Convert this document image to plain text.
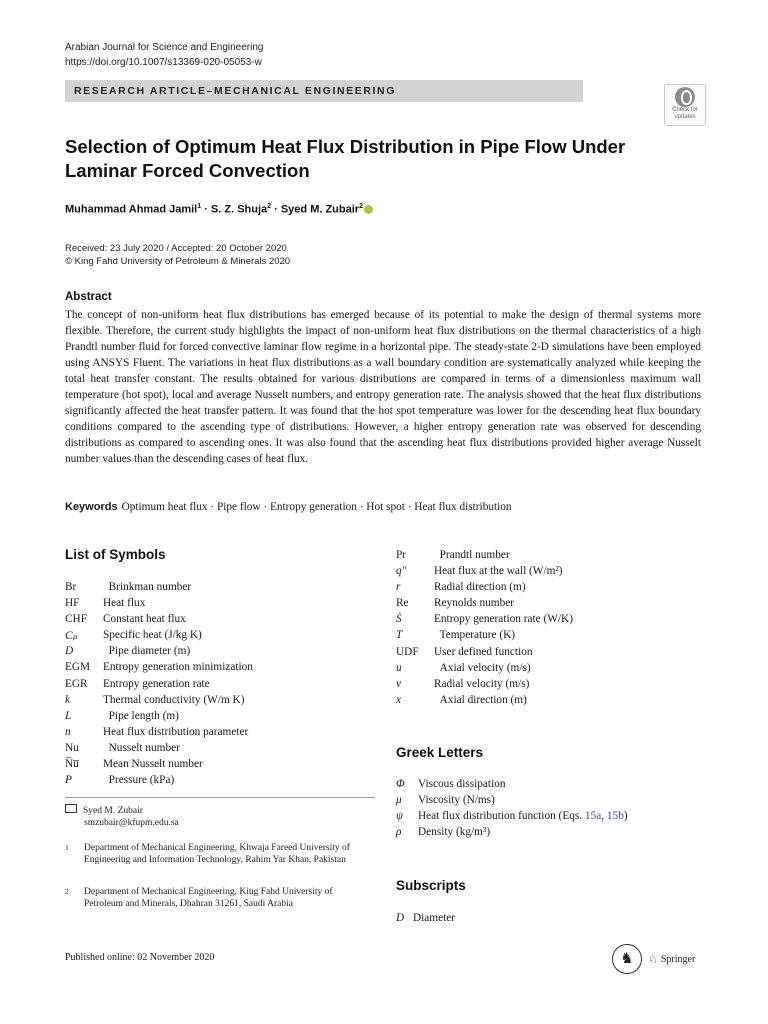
Arabian Journal for Science and Engineering
https://doi.org/10.1007/s13369-020-05053-w
RESEARCH ARTICLE–MECHANICAL ENGINEERING
Check for
updates
Selection of Optimum Heat Flux Distribution in Pipe Flow Under Laminar Forced Convection
Muhammad Ahmad Jamil$^1$ · S. Z. Shuja$^2$ · Syed M. Zubair$^2$
Received: 23 July 2020 / Accepted: 20 October 2020
© King Fahd University of Petroleum & Minerals 2020
Abstract
The concept of non-uniform heat flux distributions has emerged because of its potential to make the design of thermal systems more flexible. Therefore, the current study highlights the impact of non-uniform heat flux distributions on the thermal characteristics of a high Prandtl number fluid for forced convective laminar flow regime in a horizontal pipe. The steady-state 2-D simulations have been employed using ANSYS Fluent. The variations in heat flux distributions as a wall boundary condition are systematically analyzed while keeping the total heat transfer constant. The results obtained for various distributions are compared in terms of a dimensionless maximum wall temperature (hot spot), local and average Nusselt numbers, and entropy generation rate. The analysis showed that the heat flux distributions significantly affected the heat transfer pattern. It was found that the hot spot temperature was lower for the descending heat flux boundary conditions compared to the ascending type of distributions. However, a higher entropy generation rate was observed for descending distributions as compared to ascending ones. It was also found that the ascending heat flux distributions provided higher average Nusselt number values than the descending cases of heat flux.
Keywords Optimum heat flux · Pipe flow · Entropy generation · Hot spot · Heat flux distribution
List of Symbols
Br	 Brinkman number
HF	Heat flux
CHF	Constant heat flux
Cₚ	Specific heat (J/kg K)
D	 Pipe diameter (m)
EGM	Entropy generation minimization
EGR	Entropy generation rate
k	Thermal conductivity (W/m K)
L	 Pipe length (m)
n	Heat flux distribution parameter
Nu	 Nusselt number
N̅u̅	Mean Nusselt number
P	 Pressure (kPa)
Syed M. Zubair
smzubair@kfupm.edu.sa
1 Department of Mechanical Engineering, Khwaja Fareed University of Engineering and Information Technology, Rahim Yar Khan, Pakistan
2 Department of Mechanical Engineering, King Fahd University of Petroleum and Minerals, Dhahran 31261, Saudi Arabia
Pr	 Prandtl number
q″	Heat flux at the wall (W/m²)
r	Radial direction (m)
Re	Reynolds number
Ṡ	Entropy generation rate (W/K)
T	 Temperature (K)
UDF	User defined function
u	 Axial velocity (m/s)
v	Radial velocity (m/s)
x	 Axial direction (m)
Greek Letters
Φ	Viscous dissipation
μ	Viscosity (N/ms)
ψ	Heat flux distribution function (Eqs. 15a, 15b)
ρ	Density (kg/m³)
Subscripts
D	Diameter
Published online: 02 November 2020	♞	♘ Springer
